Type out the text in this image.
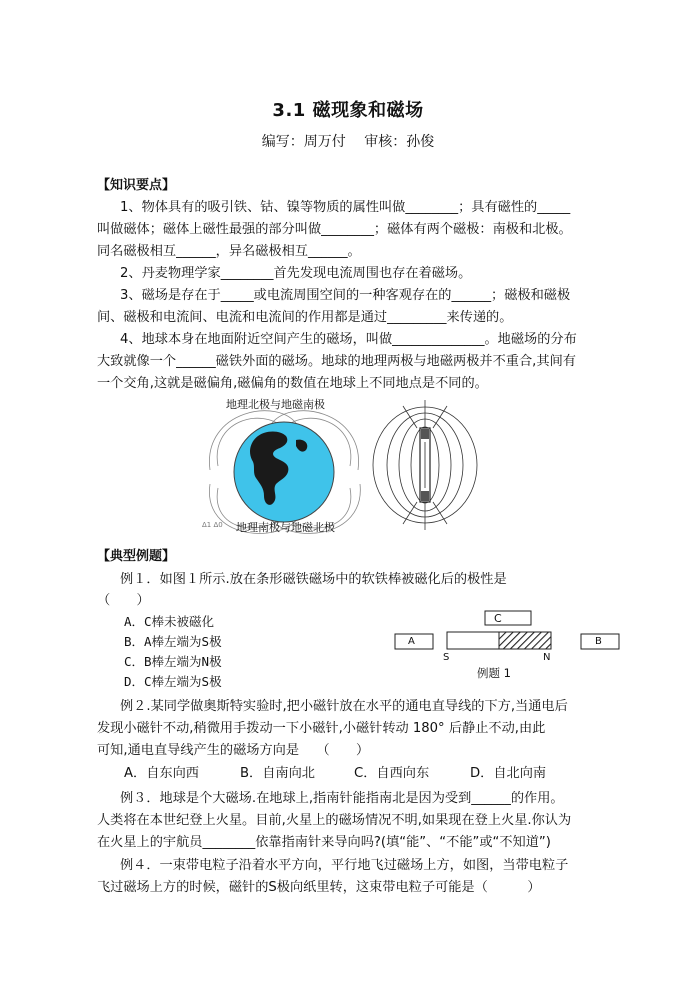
3.1 磁现象和磁场
编写：周万付　 审核：孙俊
【知识要点】
1、物体具有的吸引铁、钴、镍等物质的属性叫做________；具有磁性的_____
叫做磁体；磁体上磁性最强的部分叫做________；磁体有两个磁极：南极和北极。
同名磁极相互______，异名磁极相互______。
2、丹麦物理学家________首先发现电流周围也存在着磁场。
3、磁场是存在于_____或电流周围空间的一种客观存在的______；磁极和磁极
间、磁极和电流间、电流和电流间的作用都是通过_________来传递的。
4、地球本身在地面附近空间产生的磁场，叫做______________。地磁场的分布
大致就像一个______磁铁外面的磁场。地球的地理两极与地磁两极并不重合,其间有
一个交角,这就是磁偏角,磁偏角的数值在地球上不同地点是不同的。
地理北极与地磁南极
地理南极与地磁北极
Δ1 Δ0
【典型例题】
例１．如图１所示.放在条形磁铁磁场中的软铁棒被磁化后的极性是
（　　）
A．C棒未被磁化
B．A棒左端为S极
C．B棒左端为N极
D．C棒左端为S极
C
A	B
S	N
例题 1
例２.某同学做奥斯特实验时,把小磁针放在水平的通电直导线的下方,当通电后
发现小磁针不动,稍微用手拨动一下小磁针,小磁针转动 180° 后静止不动,由此
可知,通电直导线产生的磁场方向是　 （　　）
A．自东向西	B．自南向北	C．自西向东	D．自北向南
例３．地球是个大磁场.在地球上,指南针能指南北是因为受到______的作用。
人类将在本世纪登上火星。目前,火星上的磁场情况不明,如果现在登上火星.你认为
在火星上的宇航员________依靠指南针来导向吗?(填“能”、“不能”或“不知道”)
例４．一束带电粒子沿着水平方向，平行地飞过磁场上方，如图，当带电粒子
飞过磁场上方的时候，磁针的S极向纸里转，这束带电粒子可能是（　　　）
